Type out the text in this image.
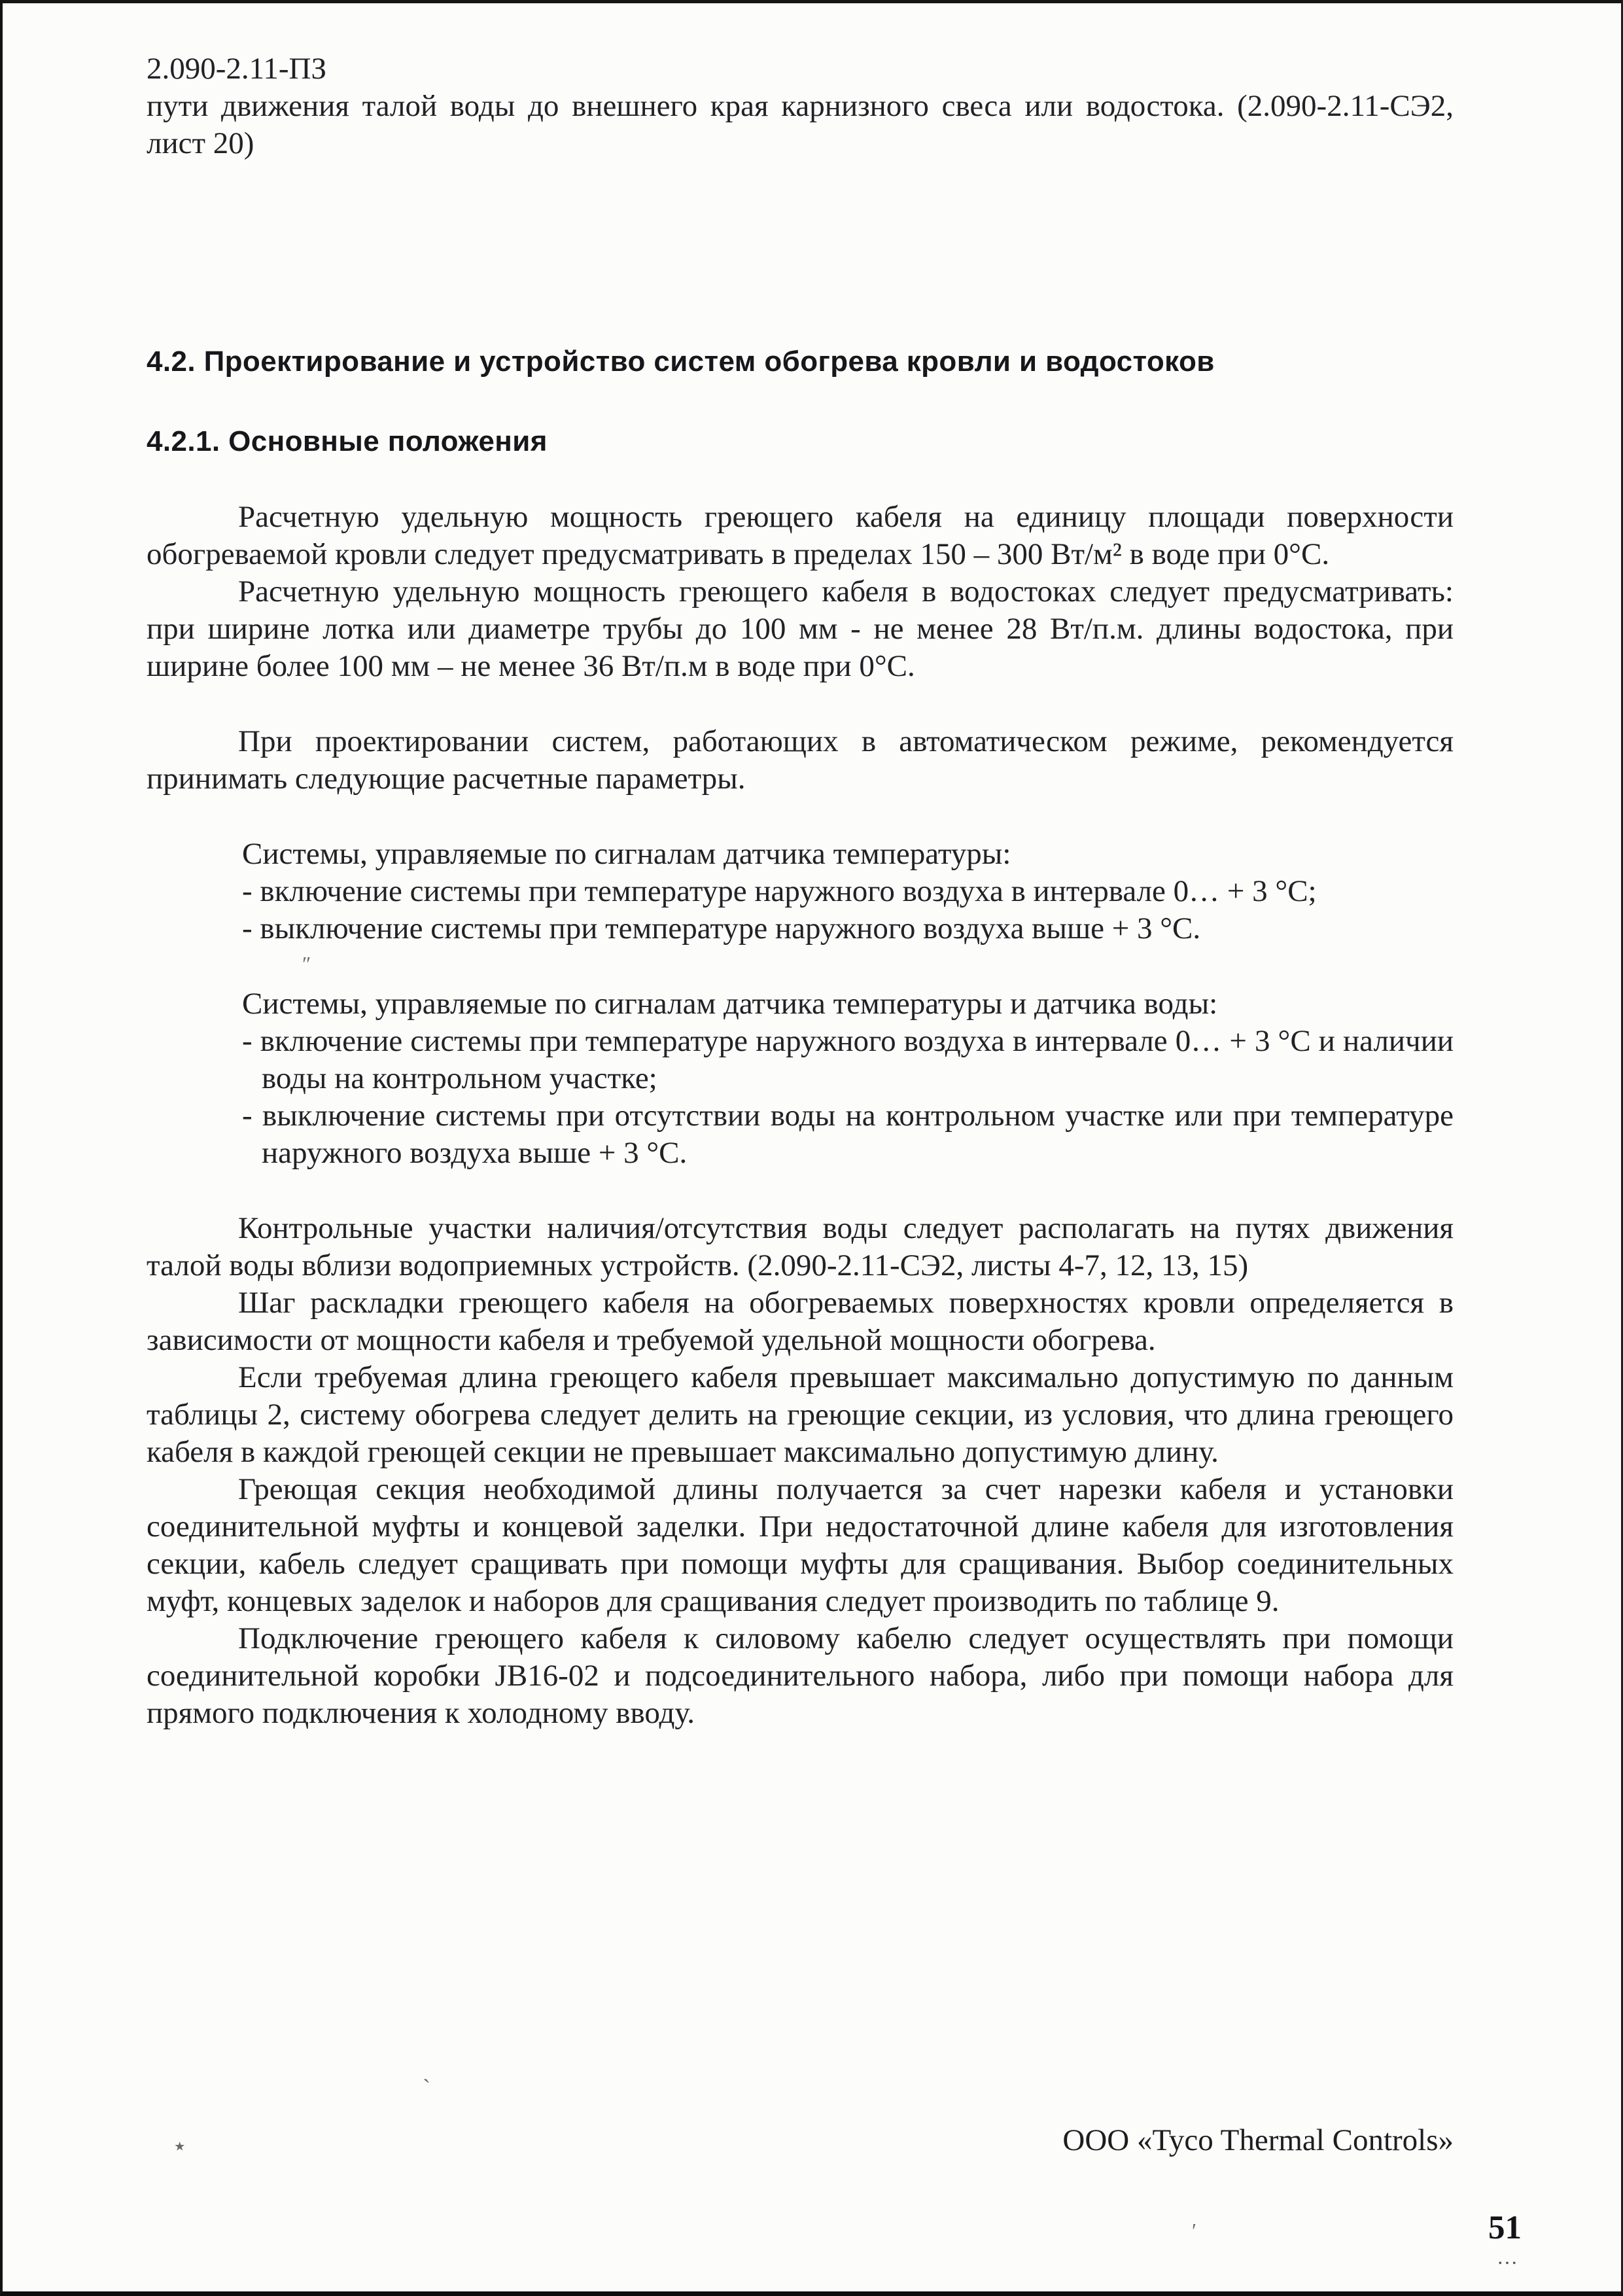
2.090-2.11-ПЗ

пути движения талой воды до внешнего края карнизного свеса или водостока. (2.090-2.11-СЭ2, лист 20)

4.2. Проектирование и устройство систем обогрева кровли и водостоков
4.2.1. Основные положения

Расчетную удельную мощность греющего кабеля на единицу площади поверхности обогреваемой кровли следует предусматривать в пределах 150 – 300 Вт/м² в воде при 0°С.

Расчетную удельную мощность греющего кабеля в водостоках следует предусматривать: при ширине лотка или диаметре трубы до 100 мм - не менее 28 Вт/п.м. длины водостока, при ширине более 100 мм – не менее 36 Вт/п.м в воде при 0°С.

При проектировании систем, работающих в автоматическом режиме, рекомендуется принимать следующие расчетные параметры.

Системы, управляемые по сигналам датчика температуры:

- включение системы при температуре наружного воздуха в интервале 0… + 3 °С;

- выключение системы при температуре наружного воздуха выше + 3 °С.

Системы, управляемые по сигналам датчика температуры и датчика воды:

- включение системы при температуре наружного воздуха в интервале 0… + 3 °С и наличии воды на контрольном участке;

- выключение системы при отсутствии воды на контрольном участке или при температуре наружного воздуха выше + 3 °С.

Контрольные участки наличия/отсутствия воды следует располагать на путях движения талой воды вблизи водоприемных устройств. (2.090-2.11-СЭ2, листы 4-7, 12, 13, 15)

Шаг раскладки греющего кабеля на обогреваемых поверхностях кровли определяется в зависимости от мощности кабеля и требуемой удельной мощности обогрева.

Если требуемая длина греющего кабеля превышает максимально допустимую по данным таблицы 2, систему обогрева следует делить на греющие секции, из условия, что длина греющего кабеля в каждой греющей секции не превышает максимально допустимую длину.

Греющая секция необходимой длины получается за счет нарезки кабеля и установки соединительной муфты и концевой заделки. При недостаточной длине кабеля для изготовления секции, кабель следует сращивать при помощи муфты для сращивания. Выбор соединительных муфт, концевых заделок и наборов для сращивания следует производить по таблице 9.

Подключение греющего кабеля к силовому кабелю следует осуществлять при помощи соединительной коробки JB16-02 и подсоединительного набора, либо при помощи набора для прямого подключения к холодному вводу.

ООО «Tyco Thermal Controls»
51
ʺ
ˏ
٭
ʹ
…
